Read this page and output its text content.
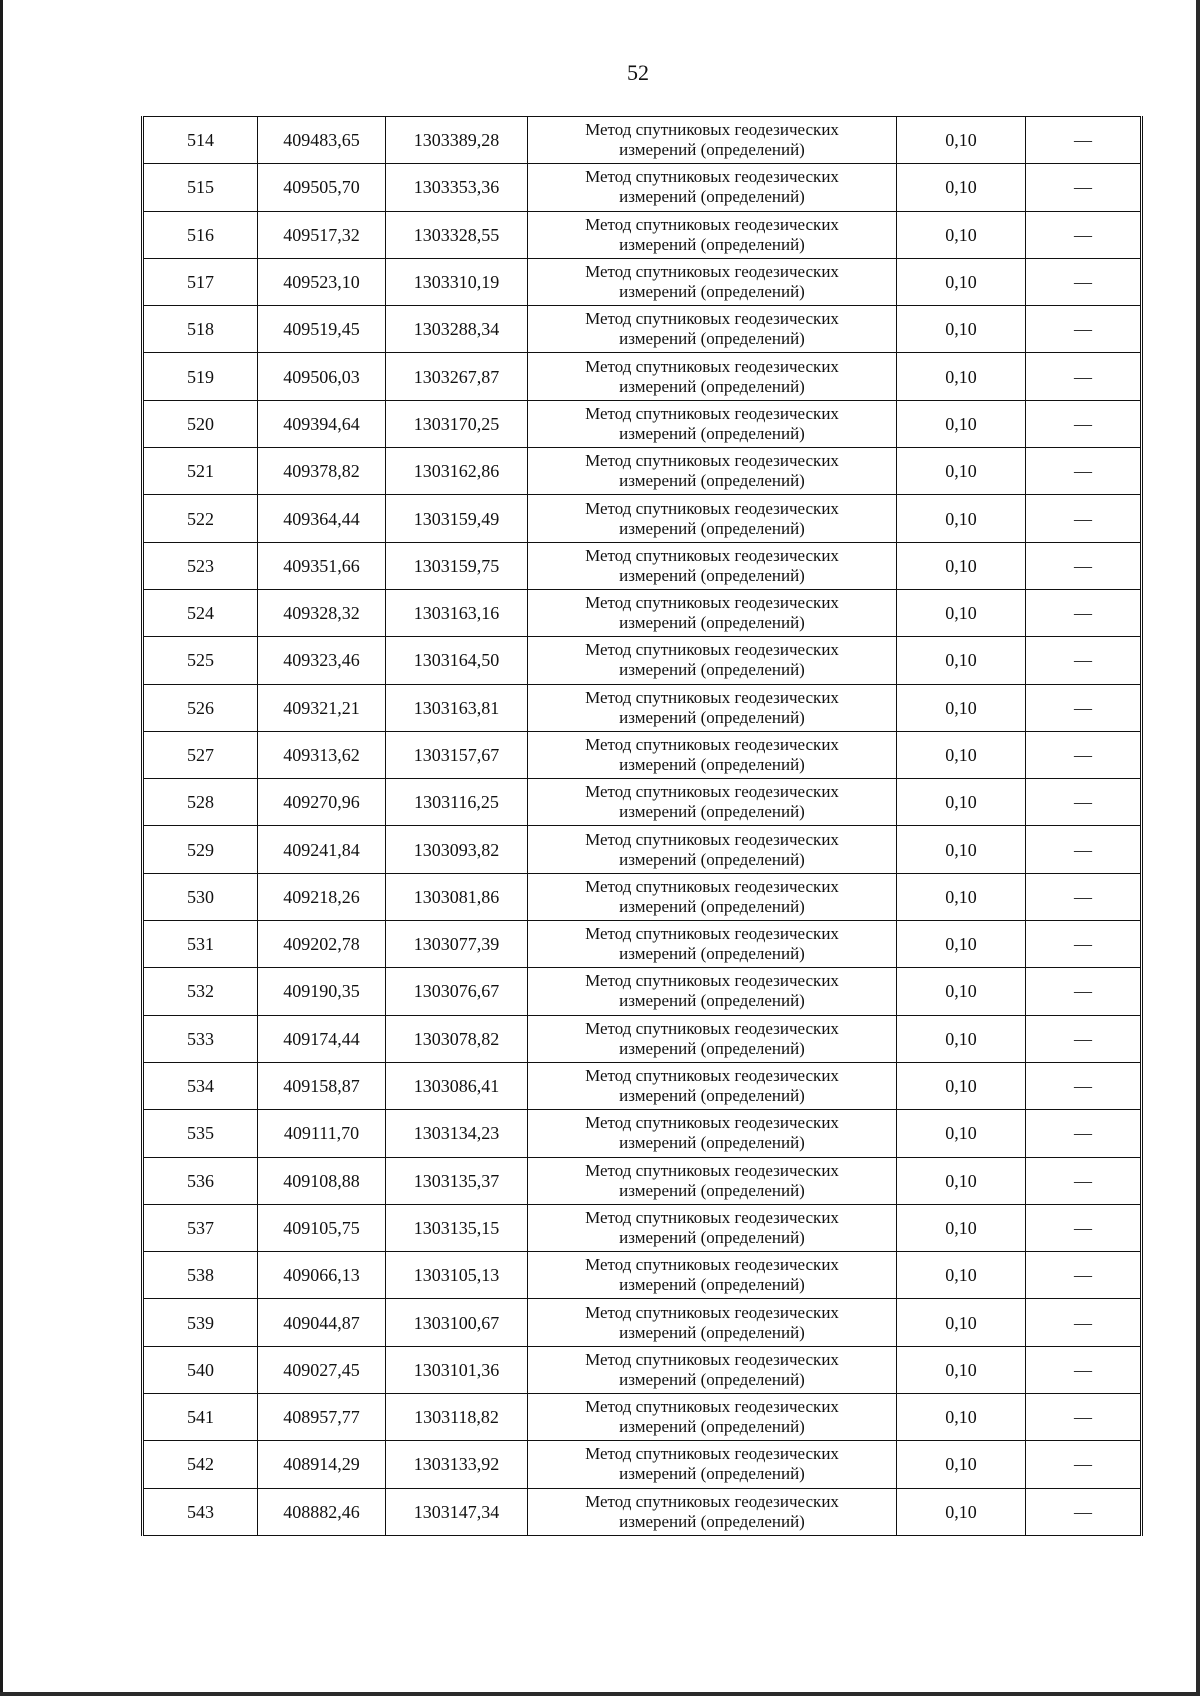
52
514	409483,65	1303389,28	Метод спутниковых геодезических
измерений (определений)	0,10	—
515	409505,70	1303353,36	Метод спутниковых геодезических
измерений (определений)	0,10	—
516	409517,32	1303328,55	Метод спутниковых геодезических
измерений (определений)	0,10	—
517	409523,10	1303310,19	Метод спутниковых геодезических
измерений (определений)	0,10	—
518	409519,45	1303288,34	Метод спутниковых геодезических
измерений (определений)	0,10	—
519	409506,03	1303267,87	Метод спутниковых геодезических
измерений (определений)	0,10	—
520	409394,64	1303170,25	Метод спутниковых геодезических
измерений (определений)	0,10	—
521	409378,82	1303162,86	Метод спутниковых геодезических
измерений (определений)	0,10	—
522	409364,44	1303159,49	Метод спутниковых геодезических
измерений (определений)	0,10	—
523	409351,66	1303159,75	Метод спутниковых геодезических
измерений (определений)	0,10	—
524	409328,32	1303163,16	Метод спутниковых геодезических
измерений (определений)	0,10	—
525	409323,46	1303164,50	Метод спутниковых геодезических
измерений (определений)	0,10	—
526	409321,21	1303163,81	Метод спутниковых геодезических
измерений (определений)	0,10	—
527	409313,62	1303157,67	Метод спутниковых геодезических
измерений (определений)	0,10	—
528	409270,96	1303116,25	Метод спутниковых геодезических
измерений (определений)	0,10	—
529	409241,84	1303093,82	Метод спутниковых геодезических
измерений (определений)	0,10	—
530	409218,26	1303081,86	Метод спутниковых геодезических
измерений (определений)	0,10	—
531	409202,78	1303077,39	Метод спутниковых геодезических
измерений (определений)	0,10	—
532	409190,35	1303076,67	Метод спутниковых геодезических
измерений (определений)	0,10	—
533	409174,44	1303078,82	Метод спутниковых геодезических
измерений (определений)	0,10	—
534	409158,87	1303086,41	Метод спутниковых геодезических
измерений (определений)	0,10	—
535	409111,70	1303134,23	Метод спутниковых геодезических
измерений (определений)	0,10	—
536	409108,88	1303135,37	Метод спутниковых геодезических
измерений (определений)	0,10	—
537	409105,75	1303135,15	Метод спутниковых геодезических
измерений (определений)	0,10	—
538	409066,13	1303105,13	Метод спутниковых геодезических
измерений (определений)	0,10	—
539	409044,87	1303100,67	Метод спутниковых геодезических
измерений (определений)	0,10	—
540	409027,45	1303101,36	Метод спутниковых геодезических
измерений (определений)	0,10	—
541	408957,77	1303118,82	Метод спутниковых геодезических
измерений (определений)	0,10	—
542	408914,29	1303133,92	Метод спутниковых геодезических
измерений (определений)	0,10	—
543	408882,46	1303147,34	Метод спутниковых геодезических
измерений (определений)	0,10	—
